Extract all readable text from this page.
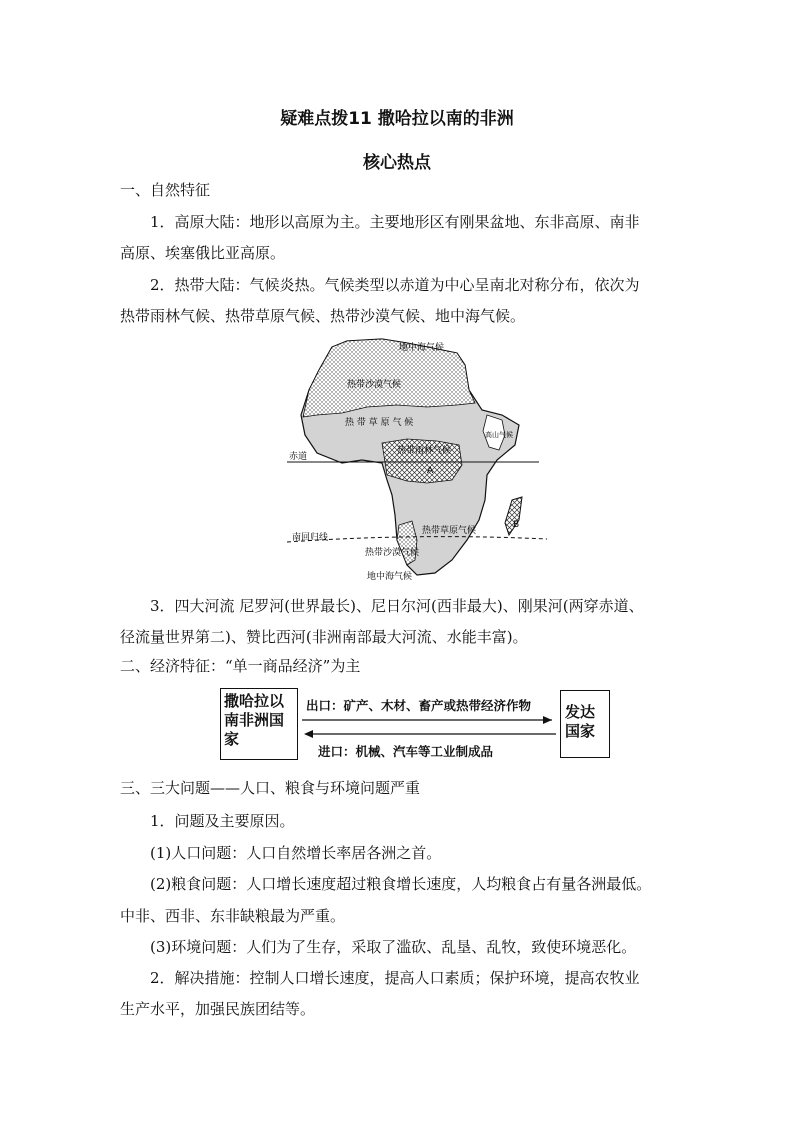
疑难点拨11 撒哈拉以南的非洲
核心热点
一、自然特征
1．高原大陆：地形以高原为主。主要地形区有刚果盆地、东非高原、南非
高原、埃塞俄比亚高原。
2．热带大陆：气候炎热。气候类型以赤道为中心呈南北对称分布，依次为
热带雨林气候、热带草原气候、热带沙漠气候、地中海气候。
地中海气候
热带沙漠气候
热 带 草 原 气 候
热带雨林气候
高山气候
赤道
A
B
热带草原气候
南回归线
热带沙漠气候
地中海气候
3．四大河流 尼罗河(世界最长)、尼日尔河(西非最大)、刚果河(两穿赤道、
径流量世界第二)、赞比西河(非洲南部最大河流、水能丰富)。
二、经济特征：“单一商品经济”为主
撒哈拉以
南非洲国
家
发达
国家
出口：矿产、木材、畜产或热带经济作物
进口：机械、汽车等工业制成品
三、三大问题——人口、粮食与环境问题严重
1．问题及主要原因。
(1)人口问题：人口自然增长率居各洲之首。
(2)粮食问题：人口增长速度超过粮食增长速度，人均粮食占有量各洲最低。
中非、西非、东非缺粮最为严重。
(3)环境问题：人们为了生存，采取了滥砍、乱垦、乱牧，致使环境恶化。
2．解决措施：控制人口增长速度，提高人口素质；保护环境，提高农牧业
生产水平，加强民族团结等。
